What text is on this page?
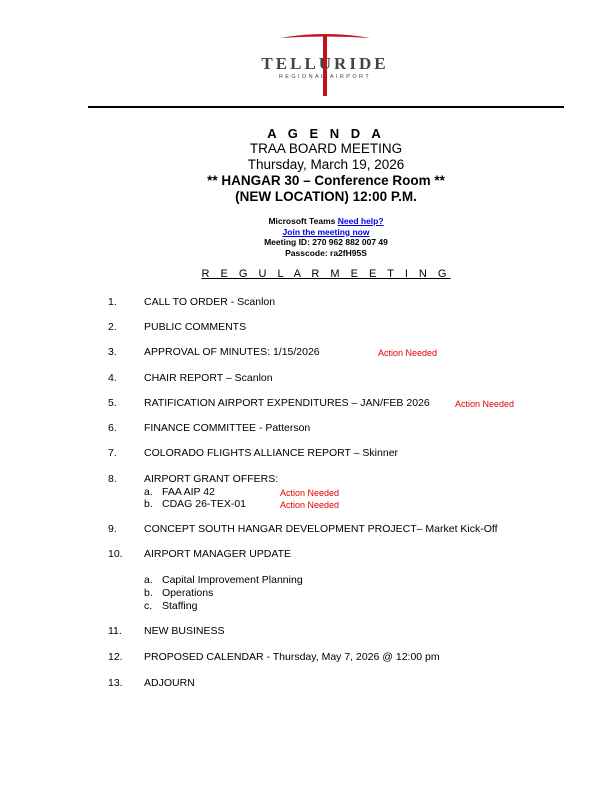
TELLURIDE
REGIONAL AIRPORT
A G E N D A
TRAA BOARD MEETING
Thursday, March 19, 2026
** HANGAR 30 – Conference Room **
(NEW LOCATION) 12:00 P.M.
Microsoft Teams Need help?
Join the meeting now
Meeting ID: 270 962 882 007 49
Passcode: ra2fH95S
R E G U L A R M E E T I N G
1.	CALL TO ORDER - Scanlon
2.	PUBLIC COMMENTS
3.	APPROVAL OF MINUTES: 1/15/2026	Action Needed
4.	CHAIR REPORT – Scanlon
5.	RATIFICATION AIRPORT EXPENDITURES – JAN/FEB 2026	Action Needed
6.	FINANCE COMMITTEE - Patterson
7.	COLORADO FLIGHTS ALLIANCE REPORT – Skinner
8.	AIRPORT GRANT OFFERS:
a. FAA AIP 42	Action Needed
b. CDAG 26-TEX-01	Action Needed
9.	CONCEPT SOUTH HANGAR DEVELOPMENT PROJECT– Market Kick-Off
10.	AIRPORT MANAGER UPDATE
a. Capital Improvement Planning
b. Operations
c. Staffing
11.	NEW BUSINESS
12.	PROPOSED CALENDAR - Thursday, May 7, 2026 @ 12:00 pm
13.	ADJOURN
